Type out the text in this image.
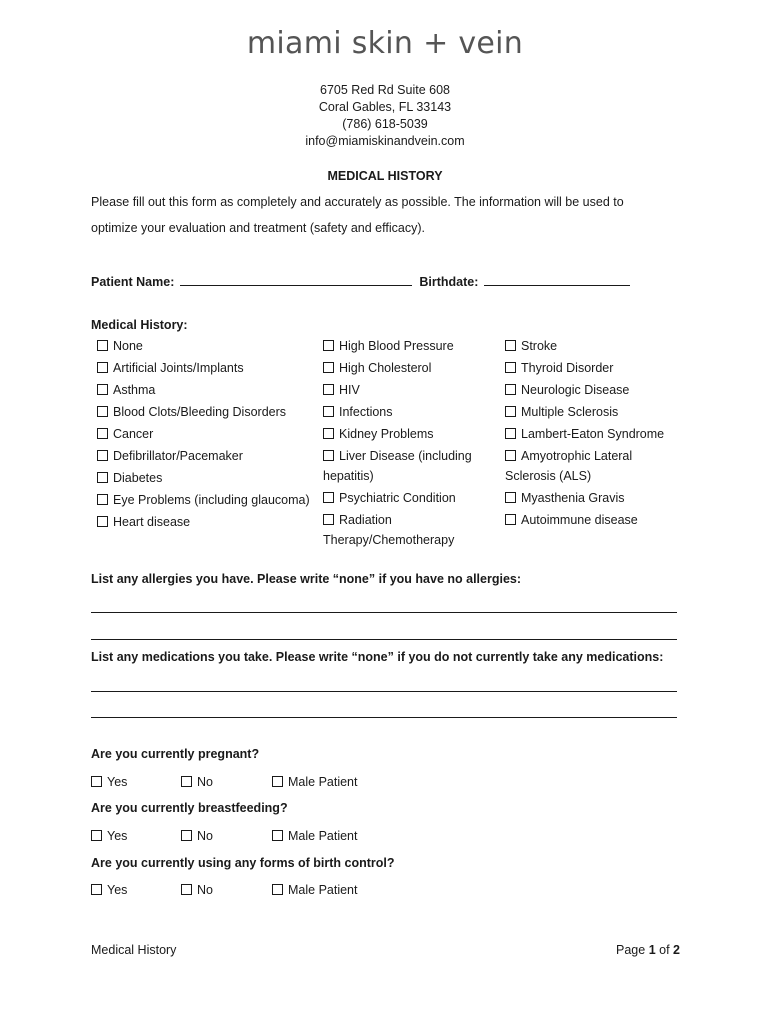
miami skin + vein
6705 Red Rd Suite 608
Coral Gables, FL 33143
(786) 618-5039
info@miamiskinandvein.com
MEDICAL HISTORY
Please fill out this form as completely and accurately as possible. The information will be used to
optimize your evaluation and treatment (safety and efficacy).
Patient Name:	Birthdate:
Medical History:
None
Artificial Joints/Implants
Asthma
Blood Clots/Bleeding Disorders
Cancer
Defibrillator/Pacemaker
Diabetes
Eye Problems (including glaucoma)
Heart disease
High Blood Pressure
High Cholesterol
HIV
Infections
Kidney Problems
Liver Disease (including
hepatitis)
Psychiatric Condition
Radiation
Therapy/Chemotherapy
Stroke
Thyroid Disorder
Neurologic Disease
Multiple Sclerosis
Lambert-Eaton Syndrome
Amyotrophic Lateral
Sclerosis (ALS)
Myasthenia Gravis
Autoimmune disease
List any allergies you have. Please write “none” if you have no allergies:
List any medications you take. Please write “none” if you do not currently take any medications:
Are you currently pregnant?
Yes	No	Male Patient
Are you currently breastfeeding?
Yes	No	Male Patient
Are you currently using any forms of birth control?
Yes	No	Male Patient
Medical History	Page 1 of 2
